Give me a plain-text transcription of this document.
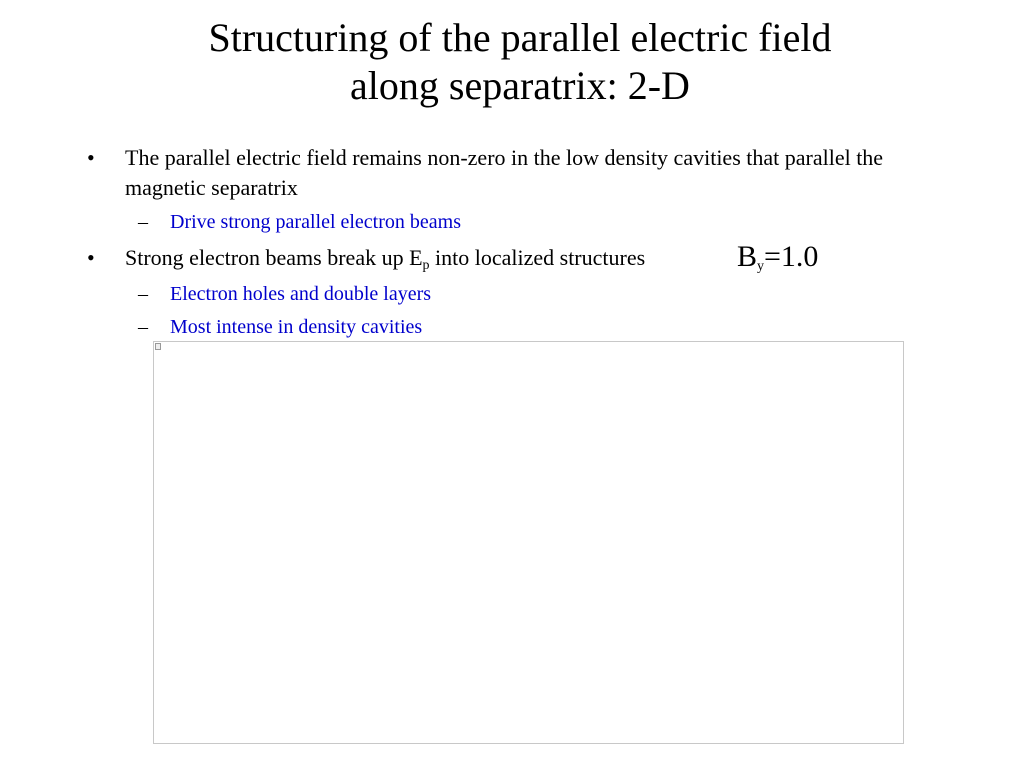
Structuring of the parallel electric field
along separatrix: 2-D
• The parallel electric field remains non-zero in the low density cavities that parallel the magnetic separatrix
– Drive strong parallel electron beams
• Strong electron beams break up $E_p$ into localized structures
– Electron holes and double layers
– Most intense in density cavities
$B_y=1.0$
